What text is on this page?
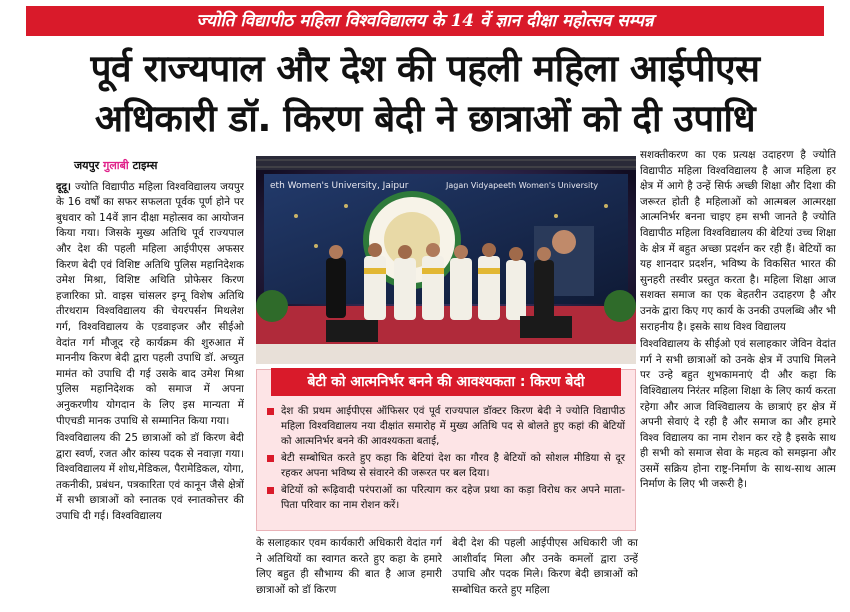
ज्योति विद्यापीठ महिला विश्वविद्यालय के 14 वें ज्ञान दीक्षा महोत्सव सम्पन्न
पूर्व राज्यपाल और देश की पहली महिला आईपीएस
अधिकारी डॉ. किरण बेदी ने छात्राओं को दी उपाधि
जयपुर गुलाबी टाइम्स

दूदू। ज्योति विद्यापीठ महिला विश्वविद्यालय जयपुर के 16 वर्षों का सफर सफलता पूर्वक पूर्ण होने पर बुधवार को 14वें ज्ञान दीक्षा महोत्सव का आयोजन किया गया। जिसके मुख्य अतिथि पूर्व राज्यपाल और देश की पहली महिला आईपीएस अफसर किरण बेदी एवं विशिष्ट अतिथि पुलिस महानिदेशक उमेश मिश्रा, विशिष्ट अथिति प्रोफेसर किरण हजारिका प्रो. वाइस चांसलर इग्नू विशेष अतिथि तीरथराम विश्वविद्यालय की चेयरपर्सन मिथलेश गर्ग, विश्वविद्यालय के एडवाइजर और सीईओ वेदांत गर्ग मौजूद रहे कार्यक्रम की शुरुआत में माननीय किरण बेदी द्वारा पहली उपाधि डॉ. अच्युत मामंत को उपाधि दी गई उसके बाद उमेश मिश्रा पुलिस महानिदेशक को समाज में अपना अनुकरणीय योगदान के लिए इस मान्यता में पीएचडी मानक उपाधि से सम्मानित किया गया।

विश्वविद्यालय की 25 छात्राओं को डॉ किरण बेदी द्वारा स्वर्ण, रजत और कांस्य पदक से नवाज़ा गया। विश्वविद्यालय में शोध,मेडिकल, पैरामेडिकल, योगा, तकनीकी, प्रबंधन, पत्रकारिता एवं कानून जैसे क्षेत्रों में सभी छात्राओं को स्नातक एवं स्नातकोत्तर की उपाधि दी गई। विश्वविद्यालय

eth Women's University, Jaipur	Jagan Vidyapeeth Women's University
बेटी को आत्मनिर्भर बनने की आवश्यकता : किरण बेदी
देश की प्रथम आईपीएस ऑफिसर एवं पूर्व राज्यपाल डॉक्टर किरण बेदी ने ज्योति विद्यापीठ महिला विश्वविद्यालय नया दीक्षांत समारोह में मुख्य अतिथि पद से बोलते हुए कहां की बेटियों को आत्मनिर्भर बनने की आवश्यकता बताई,
बेटी सम्बोधित करते हुए कहा कि बेटियां देश का गौरव है बेटियों को सोशल मीडिया से दूर रहकर अपना भविष्य से संवारने की जरूरत पर बल दिया।
बेटियों को रूढ़िवादी परंपराओं का परित्याग कर दहेज प्रथा का कड़ा विरोध कर अपने माता-पिता परिवार का नाम रोशन करें।

के सलाहकार एवम कार्यकारी अधिकारी वेदांत गर्ग ने अतिथियों का स्वागत करते हुए कहा के हमारे लिए बहुत ही सौभाग्य की बात है आज हमारी छात्राओं को डॉ किरण

बेदी देश की पहली आईपीएस अधिकारी जी का आशीर्वाद मिला और उनके कमलों द्वारा उन्हें उपाधि और पदक मिले। किरण बेदी छात्राओं को सम्बोधित करते हुए महिला

सशक्तीकरण का एक प्रत्यक्ष उदाहरण है ज्योति विद्यापीठ महिला विश्वविद्यालय है आज महिला हर क्षेत्र में आगे है उन्हें सिर्फ अच्छी शिक्षा और दिशा की जरूरत होती है महिलाओं को आत्मबल आत्मरक्षा आत्मनिर्भर बनना चाइए हम सभी जानते है ज्योति विद्यापीठ महिला विश्वविद्यालय की बेटियां उच्च शिक्षा के क्षेत्र में बहुत अच्छा प्रदर्शन कर रही हैं। बेटियों का यह शानदार प्रदर्शन, भविष्य के विकसित भारत की सुनहरी तस्वीर प्रस्तुत करता है। महिला शिक्षा आज सशक्त समाज का एक बेहतरीन उदाहरण है और उनके द्वारा किए गए कार्य के उनकी उपलब्धि और भी सराहनीय है। इसके साथ विश्व विद्यालय

विश्वविद्यालय के सीईओ एवं सलाहकार जेविन वेदांत गर्ग ने सभी छात्राओं को उनके क्षेत्र में उपाधि मिलने पर उन्हे बहुत शुभकामनाएं दी और कहा कि विश्विद्यालय निरंतर महिला शिक्षा के लिए कार्य करता रहेगा और आज विश्विद्यालय के छात्राएं हर क्षेत्र में अपनी सेवाएं दे रही है और समाज का और हमारे विश्व विद्यालय का नाम रोशन कर रहे है इसके साथ ही सभी को समाज सेवा के महत्व को समझना और उसमें सक्रिय होना राष्ट्र-निर्माण के साथ-साथ आत्म निर्माण के लिए भी जरूरी है।
